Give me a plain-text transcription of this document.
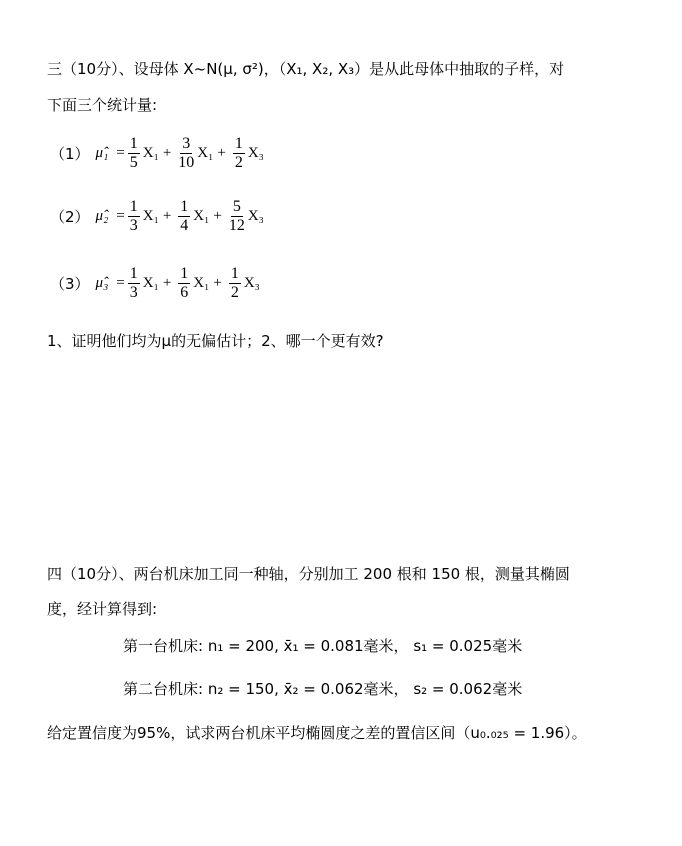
三（10分）、设母体 X~N(μ, σ²)，（X₁, X₂, X₃）是从此母体中抽取的子样，对
下面三个统计量:
（1） μ̂₁ = $\frac{1}{5} X_1 + \frac{3}{10} X_1 + \frac{1}{2} X_3$
（2） μ̂₂ = $\frac{1}{3} X_1 + \frac{1}{4} X_1 + \frac{5}{12} X_3$
（3） μ̂₃ = $\frac{1}{3} X_1 + \frac{1}{6} X_1 + \frac{1}{2} X_3$
1、证明他们均为μ的无偏估计；2、哪一个更有效?
四（10分）、两台机床加工同一种轴，分别加工 200 根和 150 根，测量其椭圆
度，经计算得到:
第一台机床: n₁ = 200, x̄₁ = 0.081毫米， s₁ = 0.025毫米
第二台机床: n₂ = 150, x̄₂ = 0.062毫米， s₂ = 0.062毫米
给定置信度为95%，试求两台机床平均椭圆度之差的置信区间（u₀.₀₂₅ = 1.96）。
